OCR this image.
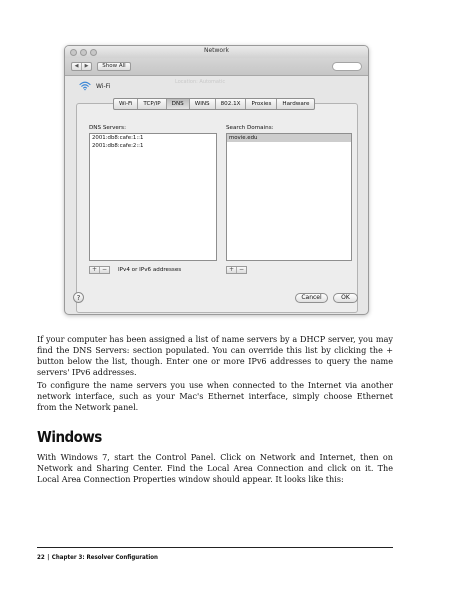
Network
◀	▶	Show All
Location: Automatic
Wi-Fi
Wi-Fi	TCP/IP	DNS	WINS	802.1X	Proxies	Hardware
DNS Servers:
2001:db8:cafe:1::1
2001:db8:cafe:2::1
+ −	IPv4 or IPv6 addresses
Search Domains:
movie.edu
+ −
?	Cancel	OK

If your computer has been assigned a list of name servers by a DHCP server, you may find the DNS Servers: section populated. You can override this list by clicking the + button below the list, though. Enter one or more IPv6 addresses to query the name servers' IPv6 addresses.

To configure the name servers you use when connected to the Internet via another network interface, such as your Mac's Ethernet interface, simply choose Ethernet from the Network panel.

Windows

With Windows 7, start the Control Panel. Click on Network and Internet, then on Network and Sharing Center. Find the Local Area Connection and click on it. The Local Area Connection Properties window should appear. It looks like this:

22 | Chapter 3: Resolver Configuration
